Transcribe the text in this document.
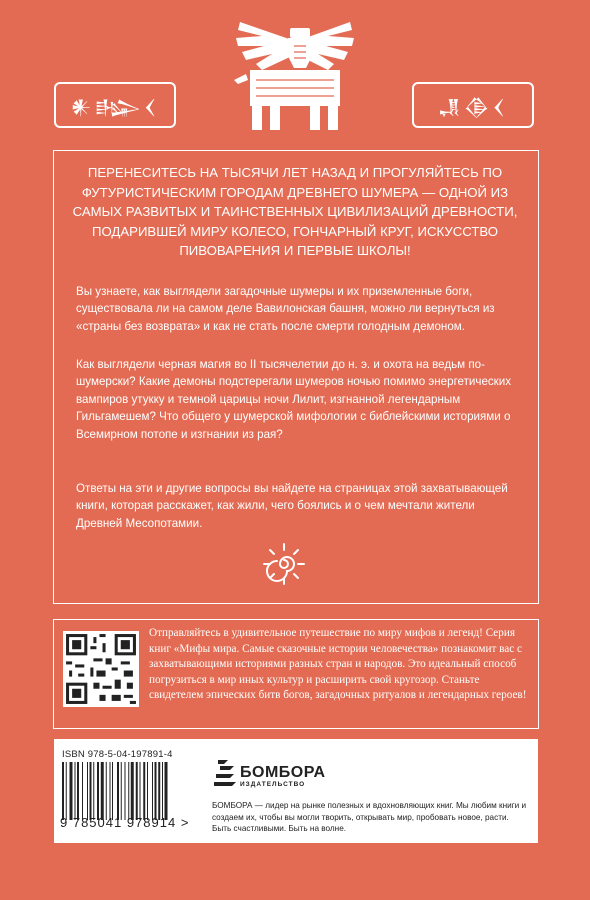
𒀭𒈗𒌋	𒂗𒆠𒌋

ПЕРЕНЕСИТЕСЬ НА ТЫСЯЧИ ЛЕТ НАЗАД И ПРОГУЛЯЙТЕСЬ ПО ФУТУРИСТИЧЕСКИМ ГОРОДАМ ДРЕВНЕГО ШУМЕРА — ОДНОЙ ИЗ САМЫХ РАЗВИТЫХ И ТАИНСТВЕННЫХ ЦИВИЛИЗАЦИЙ ДРЕВНОСТИ, ПОДАРИВШЕЙ МИРУ КОЛЕСО, ГОНЧАРНЫЙ КРУГ, ИСКУССТВО ПИВОВАРЕНИЯ И ПЕРВЫЕ ШКОЛЫ!

Вы узнаете, как выглядели загадочные шумеры и их приземленные боги, существовала ли на самом деле Вавилонская башня, можно ли вернуться из «страны без возврата» и как не стать после смерти голодным демоном.

Как выглядели черная магия во II тысячелетии до н. э. и охота на ведьм по-шумерски? Какие демоны подстерегали шумеров ночью помимо энергетических вампиров утукку и темной царицы ночи Лилит, изгнанной легендарным Гильгамешем? Что общего у шумерской мифологии с библейскими историями о Всемирном потопе и изгнании из рая?

Ответы на эти и другие вопросы вы найдете на страницах этой захватывающей книги, которая расскажет, как жили, чего боялись и о чем мечтали жители Древней Месопотамии.

Отправляйтесь в удивительное путешествие по миру мифов и легенд! Серия книг «Мифы мира. Самые сказочные истории человечества» познакомит вас с захватывающими историями разных стран и народов. Это идеальный способ погрузиться в мир иных культур и расширить свой кругозор. Станьте свидетелем эпических битв богов, загадочных ритуалов и легендарных героев!

ISBN 978-5-04-197891-4
9 785041 978914 >
БОМБОРА
ИЗДАТЕЛЬСТВО

БОМБОРА — лидер на рынке полезных и вдохновляющих книг. Мы любим книги и создаем их, чтобы вы могли творить, открывать мир, пробовать новое, расти. Быть счастливыми. Быть на волне.
